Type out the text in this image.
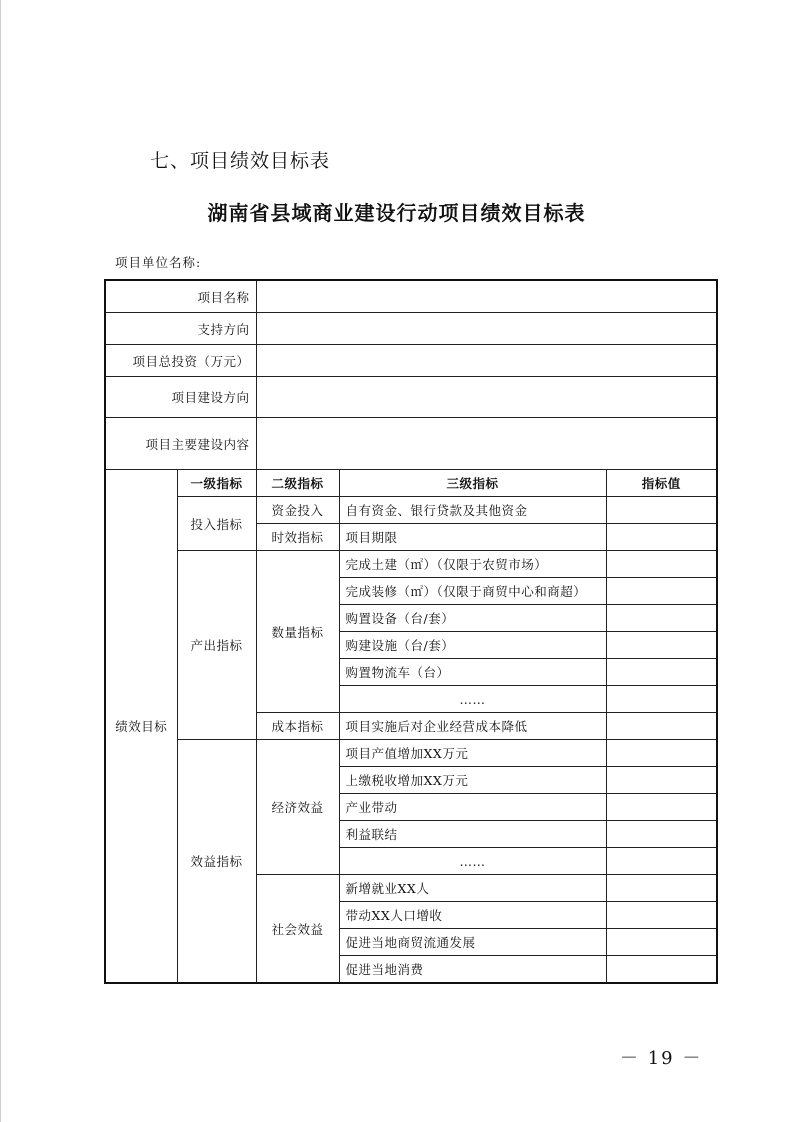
七、项目绩效目标表
湖南省县域商业建设行动项目绩效目标表
项目单位名称:
项目名称				
支持方向				
项目总投资（万元）				
项目建设方向				
项目主要建设内容				
绩效目标	一级指标	二级指标	三级指标	指标值
	投入指标	资金投入	自有资金、银行贷款及其他资金	
		时效指标	项目期限	
	产出指标	数量指标	完成土建（㎡）（仅限于农贸市场）	
			完成装修（㎡）（仅限于商贸中心和商超）	
			购置设备（台/套）	
			购建设施（台/套）	
			购置物流车（台）	
			……	
		成本指标	项目实施后对企业经营成本降低	
	效益指标	经济效益	项目产值增加XX万元	
			上缴税收增加XX万元	
			产业带动	
			利益联结	
			……	
		社会效益	新增就业XX人	
			带动XX人口增收	
			促进当地商贸流通发展	
			促进当地消费	
－ 19 －
